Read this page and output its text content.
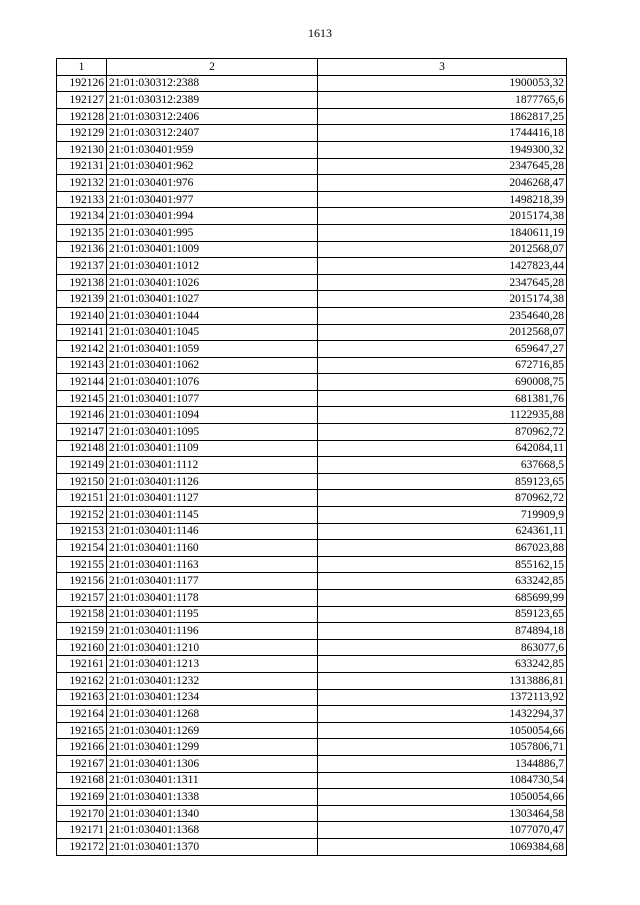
1613
1	2	3
192126	21:01:030312:2388	1900053,32
192127	21:01:030312:2389	1877765,6
192128	21:01:030312:2406	1862817,25
192129	21:01:030312:2407	1744416,18
192130	21:01:030401:959	1949300,32
192131	21:01:030401:962	2347645,28
192132	21:01:030401:976	2046268,47
192133	21:01:030401:977	1498218,39
192134	21:01:030401:994	2015174,38
192135	21:01:030401:995	1840611,19
192136	21:01:030401:1009	2012568,07
192137	21:01:030401:1012	1427823,44
192138	21:01:030401:1026	2347645,28
192139	21:01:030401:1027	2015174,38
192140	21:01:030401:1044	2354640,28
192141	21:01:030401:1045	2012568,07
192142	21:01:030401:1059	659647,27
192143	21:01:030401:1062	672716,85
192144	21:01:030401:1076	690008,75
192145	21:01:030401:1077	681381,76
192146	21:01:030401:1094	1122935,88
192147	21:01:030401:1095	870962,72
192148	21:01:030401:1109	642084,11
192149	21:01:030401:1112	637668,5
192150	21:01:030401:1126	859123,65
192151	21:01:030401:1127	870962,72
192152	21:01:030401:1145	719909,9
192153	21:01:030401:1146	624361,11
192154	21:01:030401:1160	867023,88
192155	21:01:030401:1163	855162,15
192156	21:01:030401:1177	633242,85
192157	21:01:030401:1178	685699,99
192158	21:01:030401:1195	859123,65
192159	21:01:030401:1196	874894,18
192160	21:01:030401:1210	863077,6
192161	21:01:030401:1213	633242,85
192162	21:01:030401:1232	1313886,81
192163	21:01:030401:1234	1372113,92
192164	21:01:030401:1268	1432294,37
192165	21:01:030401:1269	1050054,66
192166	21:01:030401:1299	1057806,71
192167	21:01:030401:1306	1344886,7
192168	21:01:030401:1311	1084730,54
192169	21:01:030401:1338	1050054,66
192170	21:01:030401:1340	1303464,58
192171	21:01:030401:1368	1077070,47
192172	21:01:030401:1370	1069384,68
